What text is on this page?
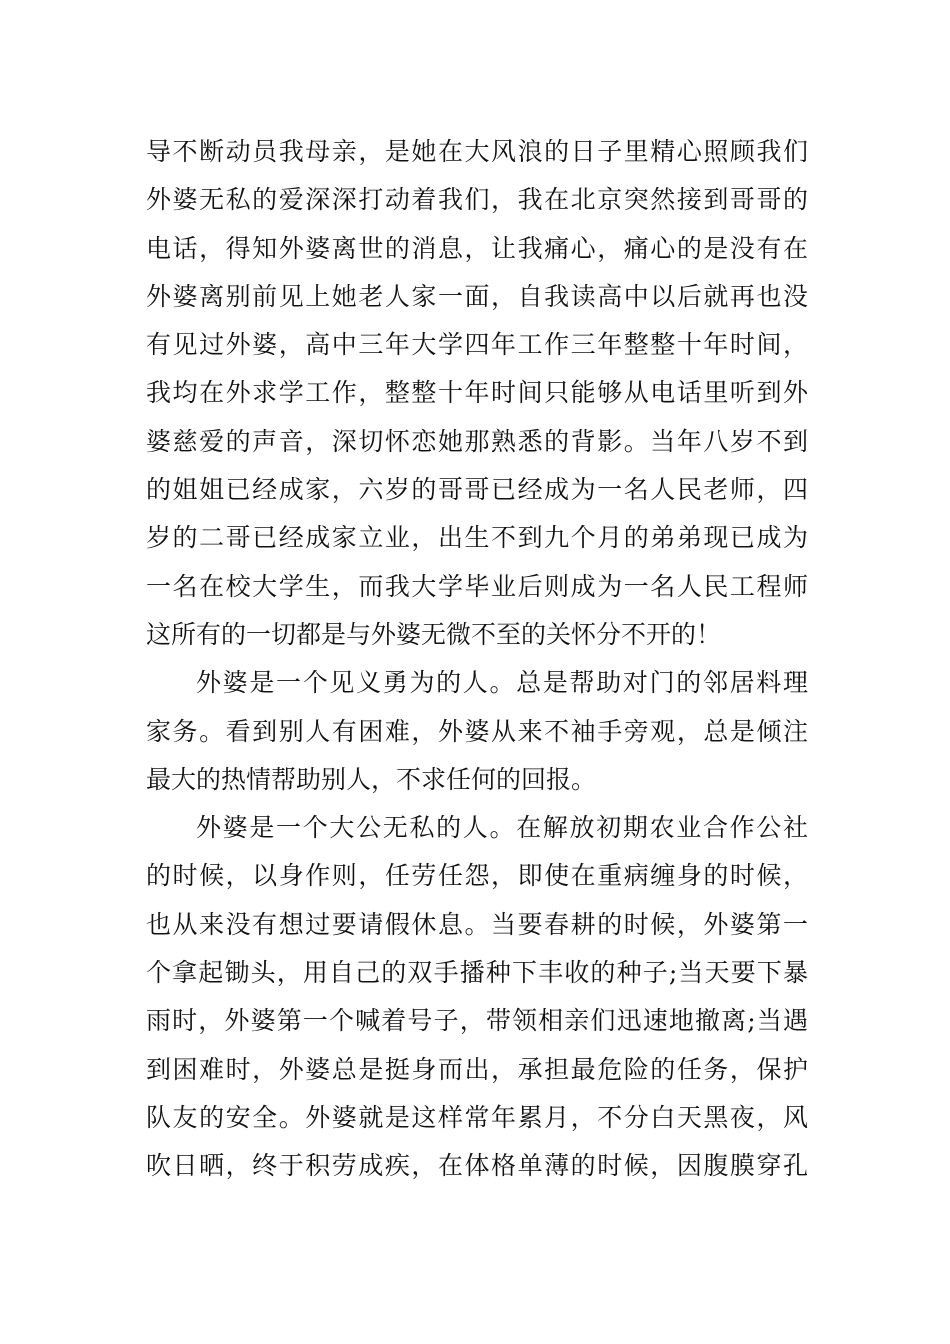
导不断动员我母亲，是她在大风浪的日子里精心照顾我们
外婆无私的爱深深打动着我们，我在北京突然接到哥哥的
电话，得知外婆离世的消息，让我痛心，痛心的是没有在
外婆离别前见上她老人家一面，自我读高中以后就再也没
有见过外婆，高中三年大学四年工作三年整整十年时间，
我均在外求学工作，整整十年时间只能够从电话里听到外
婆慈爱的声音，深切怀恋她那熟悉的背影。当年八岁不到
的姐姐已经成家，六岁的哥哥已经成为一名人民老师，四
岁的二哥已经成家立业，出生不到九个月的弟弟现已成为
一名在校大学生，而我大学毕业后则成为一名人民工程师
这所有的一切都是与外婆无微不至的关怀分不开的！
外婆是一个见义勇为的人。总是帮助对门的邻居料理
家务。看到别人有困难，外婆从来不袖手旁观，总是倾注
最大的热情帮助别人，不求任何的回报。
外婆是一个大公无私的人。在解放初期农业合作公社
的时候，以身作则，任劳任怨，即使在重病缠身的时候，
也从来没有想过要请假休息。当要春耕的时候，外婆第一
个拿起锄头，用自己的双手播种下丰收的种子;当天要下暴
雨时，外婆第一个喊着号子，带领相亲们迅速地撤离;当遇
到困难时，外婆总是挺身而出，承担最危险的任务，保护
队友的安全。外婆就是这样常年累月，不分白天黑夜，风
吹日晒，终于积劳成疾，在体格单薄的时候，因腹膜穿孔
